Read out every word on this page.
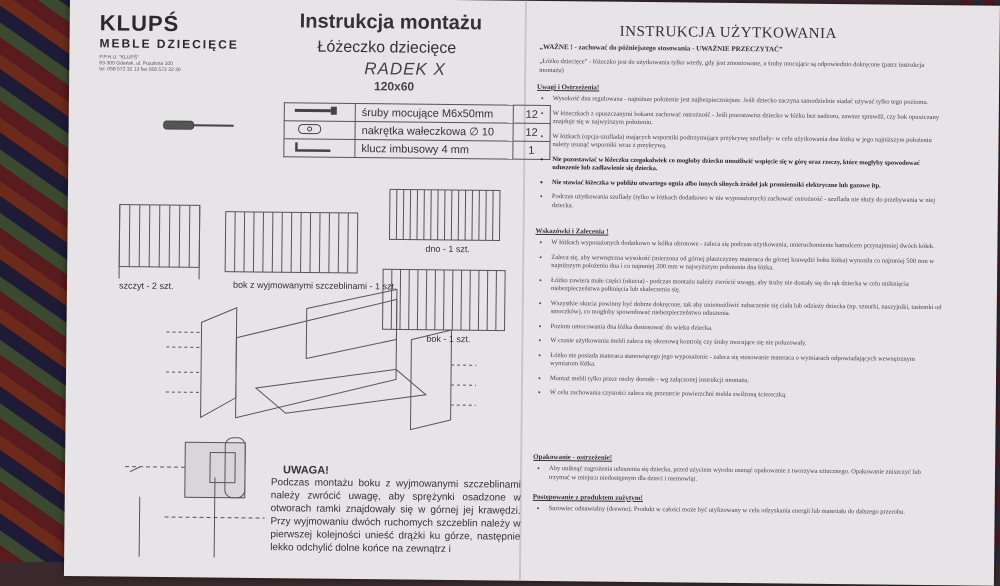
KLUPŚ
MEBLE DZIECIĘCE
P.P.H.U. "KLUPŚ"
83-300 Gdańsk, ul. Puszkina 100
tel. 058 572 32 13 fax 058 572 32 30
Instrukcja montażu
Łóżeczko dziecięce
RADEK X
120x60
	śruby mocujące M6x50mm	12
	nakrętka wałeczkowa ∅ 10	12
	klucz imbusowy 4 mm	1
szczyt - 2 szt.	bok z wyjmowanymi szczeblinami - 1 szt.
dno - 1 szt.
bok - 1 szt.
UWAGA!
Podczas montażu boku z wyjmowanymi szczeblinami należy zwrócić uwagę, aby sprężynki osadzone w otworach ramki znajdowały się w górnej jej krawędzi. Przy wyjmowaniu dwóch ruchomych szczeblin należy w pierwszej kolejności unieść drążki ku górze, następnie lekko odchylić dolne końce na zewnątrz i
INSTRUKCJA UŻYTKOWANIA
„WAŻNE ! - zachować do późniejszego stosowania - UWAŻNIE PRZECZYTAĆ”
„Łóżko dziecięce” - łóżeczko jest do użytkowania tylko wtedy, gdy jest zmontowane, a śruby mocujące są odpowiednio dokręcone (patrz instrukcja montażu)
Uwagi i Ostrzeżenia!
• Wysokość dna regulowana - najniższe położenie jest najbezpieczniejsze. Jeśli dziecko zaczyna samodzielnie siadać używać tylko tego poziomu.
• W łóżeczkach z opuszczanymi bokami zachować ostrożność - Jeśli pozostawisz dziecko w łóżku bez nadzoru, zawsze sprawdź, czy bok opuszczany znajduje się w najwyższym położeniu.
• W łóżkach (opcja-szuflada) mających wsporniki podtrzymujące przykrywę szuflady- w celu użytkowania dna łóżka w jego najniższym położeniu należy usunąć wsporniki wraz z przykrywą.
• Nie pozostawiać w łóżeczku czegokolwiek co mogłoby dziecku umożliwić wspięcie się w górę oraz rzeczy, które mogłyby spowodować uduszenie lub zadławienie się dziecka.
• Nie stawiać łóżeczka w pobliżu otwartego ognia albo innych silnych źródeł jak promienniki elektryczne lub gazowe itp.
• Podczas użytkowania szuflady (tylko w łóżkach dodatkowo w nie wyposażonych) zachować ostrożność - szuflada nie służy do przebywania w niej dziecka.
Wskazówki i Zalecenia !
• W łóżkach wyposażonych dodatkowo w kółka obrotowe - zaleca się podczas użytkowania, unieruchomienie hamulcem przynajmniej dwóch kółek.
• Zaleca się, aby wewnętrzna wysokość (mierzona od górnej płaszczyzny materaca do górnej krawędzi boku łóżka) wynosiła co najmniej 500 mm w najniższym położeniu dna i co najmniej 200 mm w najwyższym położeniu dna łóżka.
• Łóżko zawiera małe części (okucia) - podczas montażu należy zwrócić uwagę, aby śruby nie dostały się do rąk dziecka w celu uniknięcia niebezpieczeństwa połknięcia lub skaleczenia się.
• Wszystkie okucia powinny być dobrze dokręcone, tak aby uniemożliwić zahaczenie się ciała lub odzieży dziecka (np. sznurki, naszyjniki, tasiemki od smoczków), co mogłoby spowodować niebezpieczeństwo uduszenia.
• Poziom umocowania dna łóżka dostosować do wieku dziecka.
• W czasie użytkowania mebli zaleca się okresową kontrolę czy śruby mocujące się nie poluzowały.
• Łóżko nie posiada materaca stanowiącego jego wyposażenie - zaleca się stosowanie materaca o wymiarach odpowiadających wewnętrznym wymiarom łóżka.
• Montaż mebli tylko przez osoby dorosłe - wg załączonej instrukcji montażu.
• W celu zachowania czystości zaleca się przetarcie powierzchni mebla zwilżoną ściereczką.
Opakowanie - ostrzeżenie!
• Aby uniknąć zagrożenia uduszenia się dziecka, przed użyciem wyrobu usunąć opakowanie z tworzywa sztucznego. Opakowanie zniszczyć lub trzymać w miejscu niedostępnym dla dzieci i niemowląt.
Postępowanie z produktem zużytym!
• Surowiec odnawialny (drewno). Produkt w całości może być utylizowany w celu odzyskania energii lub materiału do dalszego przerobu.
